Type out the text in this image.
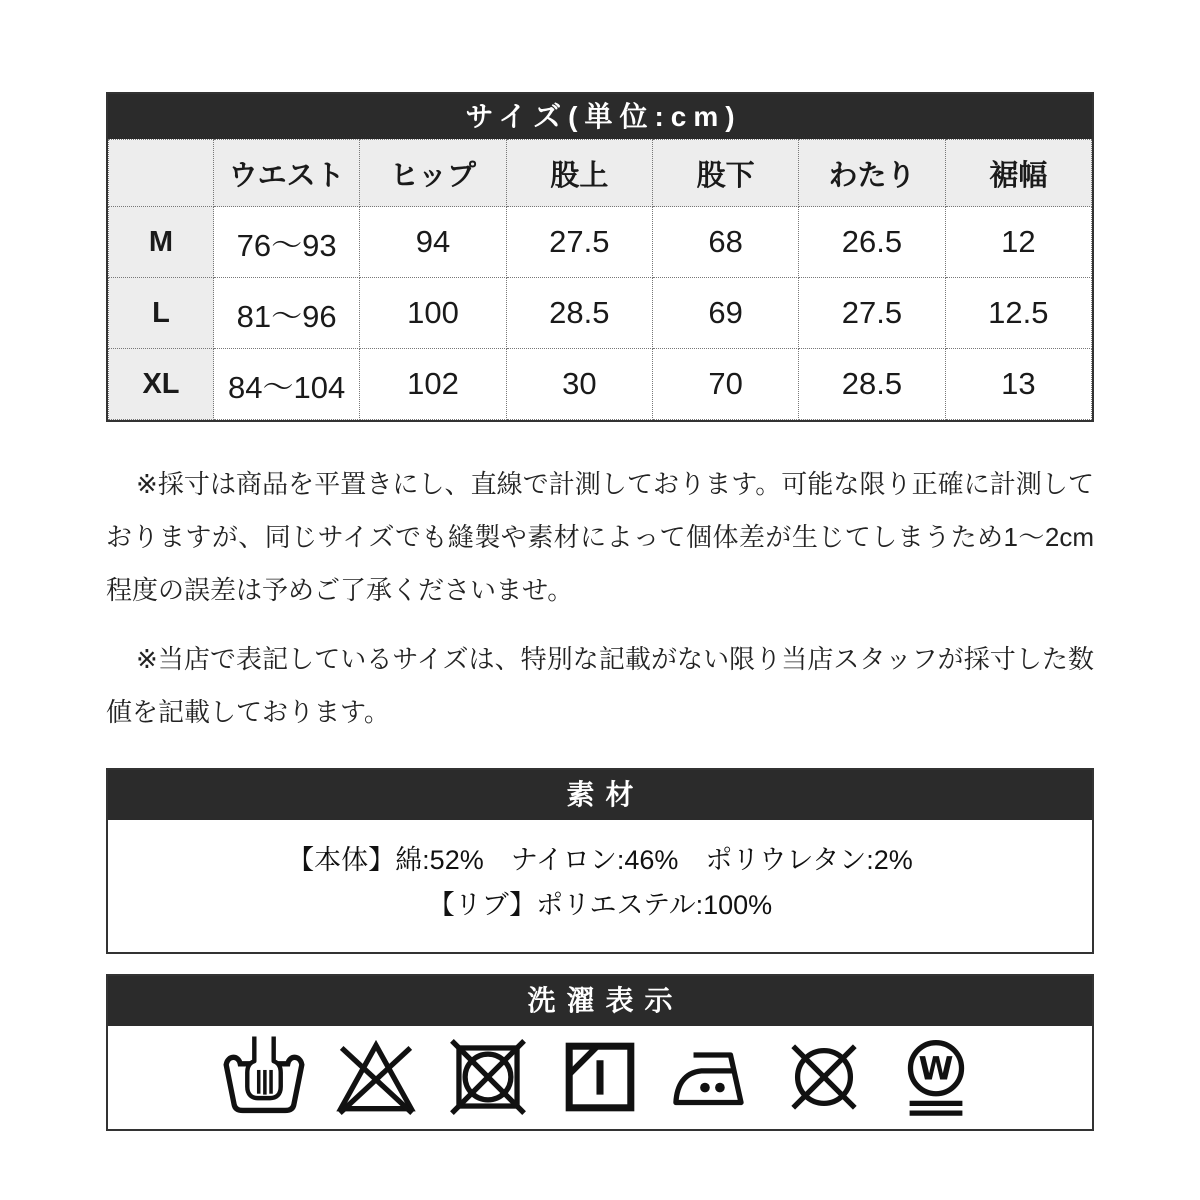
サイズ(単位:cm)
	ウエスト	ヒップ	股上	股下	わたり	裾幅
M	76〜93	94	27.5	68	26.5	12
L	81〜96	100	28.5	69	27.5	12.5
XL	84〜104	102	30	70	28.5	13

※採寸は商品を平置きにし、直線で計測しております。可能な限り正確に計測しておりますが、同じサイズでも縫製や素材によって個体差が生じてしまうため1〜2cm程度の誤差は予めご了承くださいませ。

※当店で表記しているサイズは、特別な記載がない限り当店スタッフが採寸した数値を記載しております。

素材

【本体】綿:52%　ナイロン:46%　ポリウレタン:2%

【リブ】ポリエステル:100%

洗濯表示
W
